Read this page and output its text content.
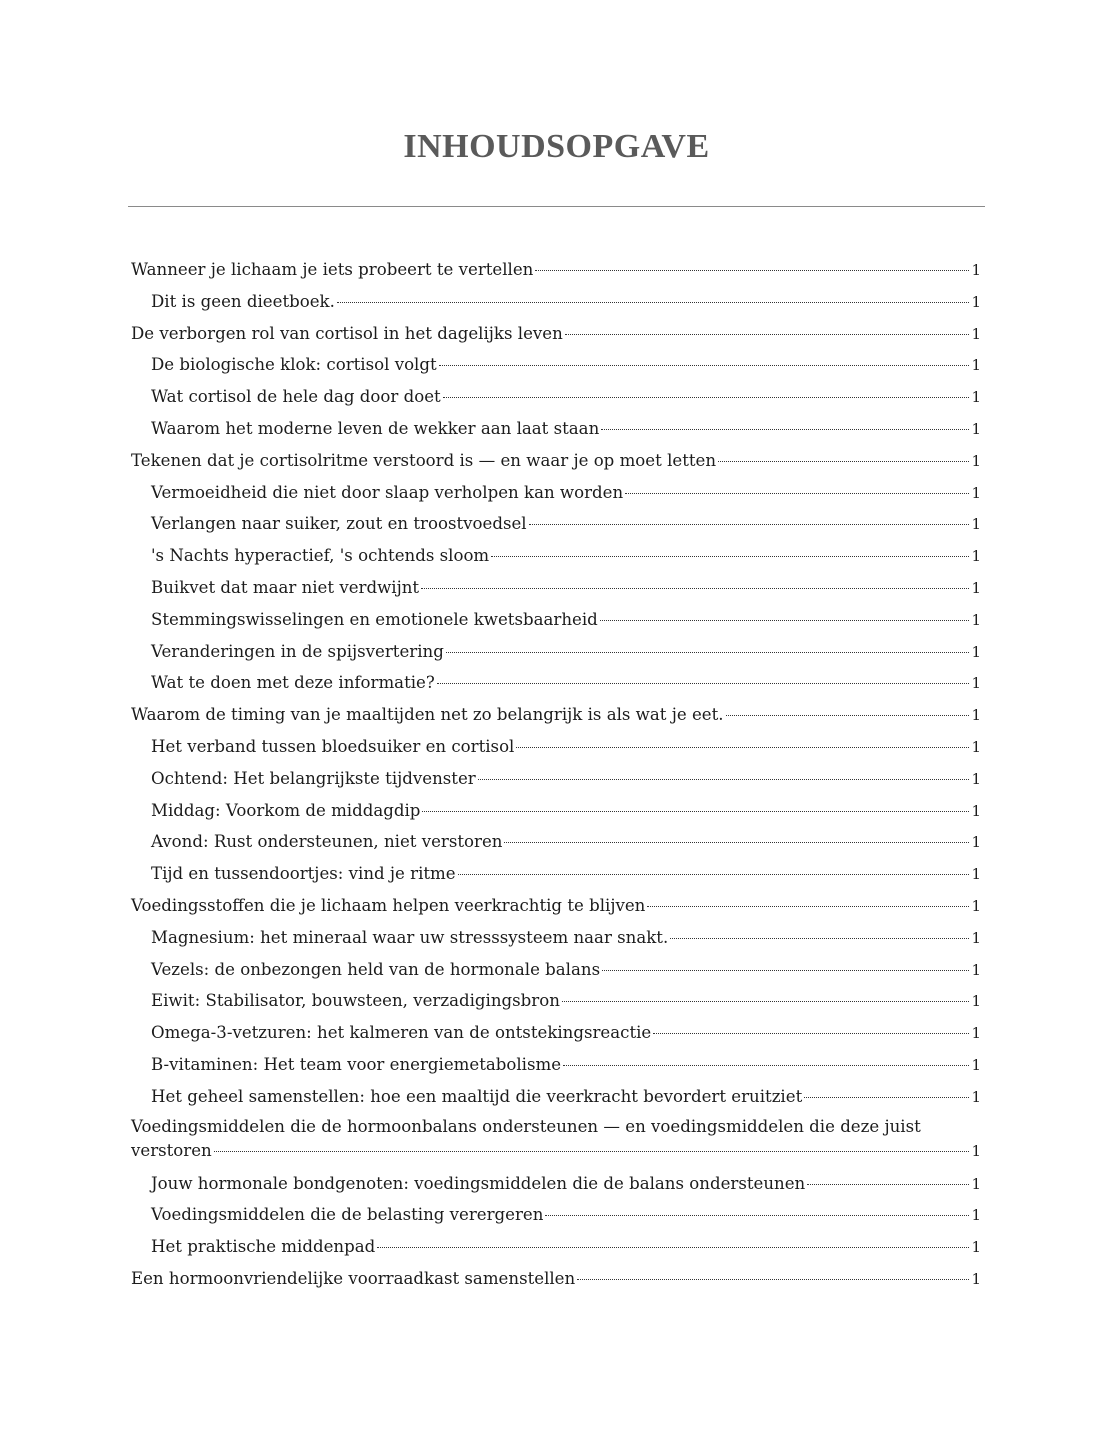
INHOUDSOPGAVE
Wanneer je lichaam je iets probeert te vertellen	1
Dit is geen dieetboek.	1
De verborgen rol van cortisol in het dagelijks leven	1
De biologische klok: cortisol volgt	1
Wat cortisol de hele dag door doet	1
Waarom het moderne leven de wekker aan laat staan	1
Tekenen dat je cortisolritme verstoord is — en waar je op moet letten	1
Vermoeidheid die niet door slaap verholpen kan worden	1
Verlangen naar suiker, zout en troostvoedsel	1
's Nachts hyperactief, 's ochtends sloom	1
Buikvet dat maar niet verdwijnt	1
Stemmingswisselingen en emotionele kwetsbaarheid	1
Veranderingen in de spijsvertering	1
Wat te doen met deze informatie?	1
Waarom de timing van je maaltijden net zo belangrijk is als wat je eet.	1
Het verband tussen bloedsuiker en cortisol	1
Ochtend: Het belangrijkste tijdvenster	1
Middag: Voorkom de middagdip	1
Avond: Rust ondersteunen, niet verstoren	1
Tijd en tussendoortjes: vind je ritme	1
Voedingsstoffen die je lichaam helpen veerkrachtig te blijven	1
Magnesium: het mineraal waar uw stresssysteem naar snakt.	1
Vezels: de onbezongen held van de hormonale balans	1
Eiwit: Stabilisator, bouwsteen, verzadigingsbron	1
Omega-3-vetzuren: het kalmeren van de ontstekingsreactie	1
B-vitaminen: Het team voor energiemetabolisme	1
Het geheel samenstellen: hoe een maaltijd die veerkracht bevordert eruitziet	1
Voedingsmiddelen die de hormoonbalans ondersteunen — en voedingsmiddelen die deze juist
verstoren	1
Jouw hormonale bondgenoten: voedingsmiddelen die de balans ondersteunen	1
Voedingsmiddelen die de belasting verergeren	1
Het praktische middenpad	1
Een hormoonvriendelijke voorraadkast samenstellen	1
